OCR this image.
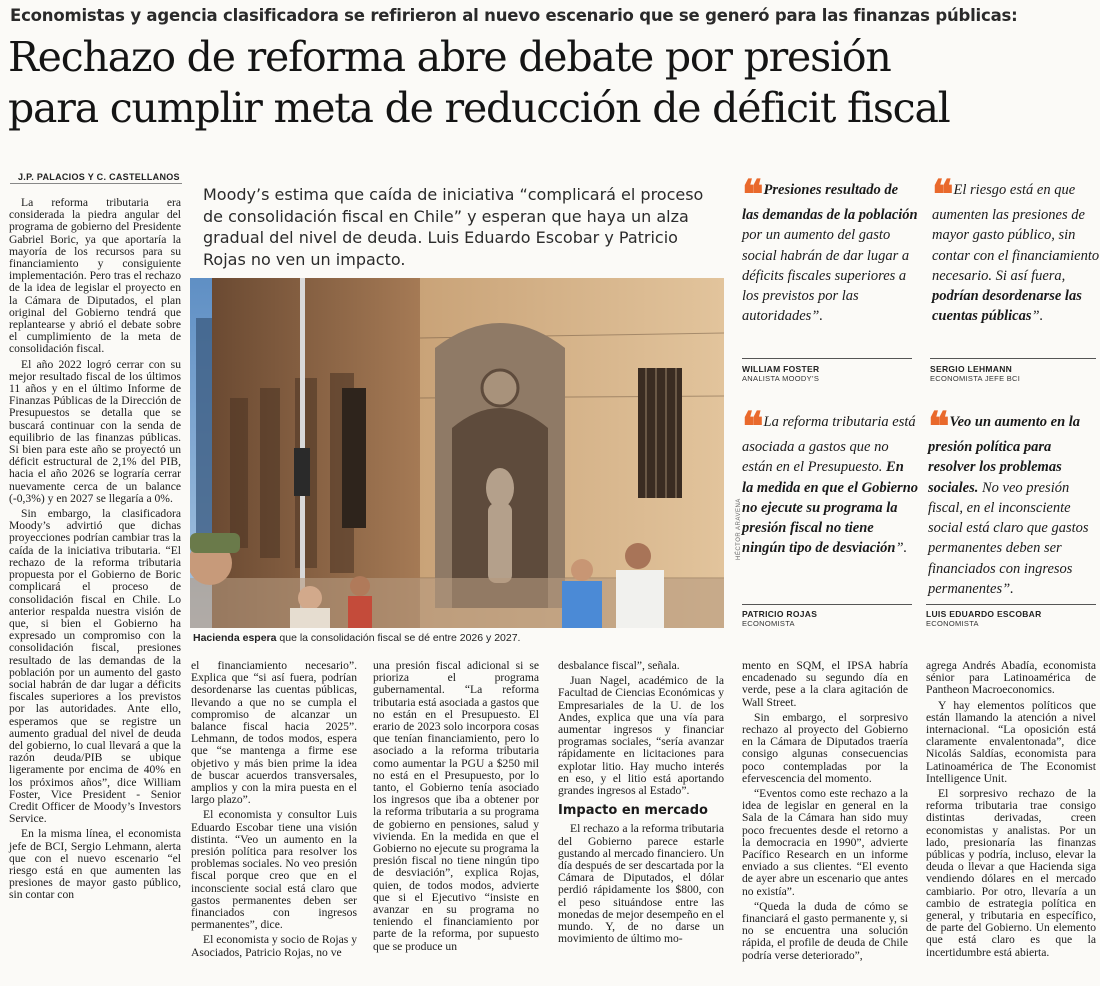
Economistas y agencia clasificadora se refirieron al nuevo escenario que se generó para las finanzas públicas:
Rechazo de reforma abre debate por presión
para cumplir meta de reducción de déficit fiscal
J.P. PALACIOS Y C. CASTELLANOS

La reforma tributaria era considerada la piedra angular del programa de gobierno del Presidente Gabriel Boric, ya que aportaría la mayoría de los recursos para su financiamiento y consiguiente implementación. Pero tras el rechazo de la idea de legislar el proyecto en la Cámara de Diputados, el plan original del Gobierno tendrá que replantearse y abrió el debate sobre el cumplimiento de la meta de consolidación fiscal.

El año 2022 logró cerrar con su mejor resultado fiscal de los últimos 11 años y en el último Informe de Finanzas Públicas de la Dirección de Presupuestos se detalla que se buscará continuar con la senda de equilibrio de las finanzas públicas. Si bien para este año se proyectó un déficit estructural de 2,1% del PIB, hacia el año 2026 se lograría cerrar nuevamente cerca de un balance (-0,3%) y en 2027 se llegaría a 0%.

Sin embargo, la clasificadora Moody’s advirtió que dichas proyecciones podrían cambiar tras la caída de la iniciativa tributaria. “El rechazo de la reforma tributaria propuesta por el Gobierno de Boric complicará el proceso de consolidación fiscal en Chile. Lo anterior respalda nuestra visión de que, si bien el Gobierno ha expresado un compromiso con la consolidación fiscal, presiones resultado de las demandas de la población por un aumento del gasto social habrán de dar lugar a déficits fiscales superiores a los previstos por las autoridades. Ante ello, esperamos que se registre un aumento gradual del nivel de deuda del gobierno, lo cual llevará a que la razón deuda/PIB se ubique ligeramente por encima de 40% en los próximos años”, dice William Foster, Vice President - Senior Credit Officer de Moody’s Investors Service.

En la misma línea, el economista jefe de BCI, Sergio Lehmann, alerta que con el nuevo escenario “el riesgo está en que aumenten las presiones de mayor gasto público, sin contar con

Moody’s estima que caída de iniciativa “complicará el proceso de consolidación fiscal en Chile” y esperan que haya un alza gradual del nivel de deuda. Luis Eduardo Escobar y Patricio Rojas no ven un impacto.
Hacienda espera que la consolidación fiscal se dé entre 2026 y 2027.
HÉCTOR ARAVENA
❝ Presiones resultado de las demandas de la población por un aumento del gasto social habrán de dar lugar a déficits fiscales superiores a los previstos por las autoridades”.
WILLIAM FOSTER
ANALISTA MOODY’S
❝ El riesgo está en que aumenten las presiones de mayor gasto público, sin contar con el financiamiento necesario. Si así fuera, podrían desordenarse las cuentas públicas”.
SERGIO LEHMANN
ECONOMISTA JEFE BCI
❝ La reforma tributaria está asociada a gastos que no están en el Presupuesto. En la medida en que el Gobierno no ejecute su programa la presión fiscal no tiene ningún tipo de desviación”.
PATRICIO ROJAS
ECONOMISTA
❝ Veo un aumento en la presión política para resolver los problemas sociales. No veo presión fiscal, en el inconsciente social está claro que gastos permanentes deben ser financiados con ingresos permanentes”.
LUIS EDUARDO ESCOBAR
ECONOMISTA

el financiamiento necesario”. Explica que “si así fuera, podrían desordenarse las cuentas públicas, llevando a que no se cumpla el compromiso de alcanzar un balance fiscal hacia 2025”. Lehmann, de todos modos, espera que “se mantenga a firme ese objetivo y más bien prime la idea de buscar acuerdos transversales, amplios y con la mira puesta en el largo plazo”.

El economista y consultor Luis Eduardo Escobar tiene una visión distinta. “Veo un aumento en la presión política para resolver los problemas sociales. No veo presión fiscal porque creo que en el inconsciente social está claro que gastos permanentes deben ser financiados con ingresos permanentes”, dice.

El economista y socio de Rojas y Asociados, Patricio Rojas, no ve

una presión fiscal adicional si se prioriza el programa gubernamental. “La reforma tributaria está asociada a gastos que no están en el Presupuesto. El erario de 2023 solo incorpora cosas que tenían financiamiento, pero lo asociado a la reforma tributaria como aumentar la PGU a $250 mil no está en el Presupuesto, por lo tanto, el Gobierno tenía asociado los ingresos que iba a obtener por la reforma tributaria a su programa de gobierno en pensiones, salud y vivienda. En la medida en que el Gobierno no ejecute su programa la presión fiscal no tiene ningún tipo de desviación”, explica Rojas, quien, de todos modos, advierte que si el Ejecutivo “insiste en avanzar en su programa no teniendo el financiamiento por parte de la reforma, por supuesto que se produce un

desbalance fiscal”, señala.

Juan Nagel, académico de la Facultad de Ciencias Económicas y Empresariales de la U. de los Andes, explica que una vía para aumentar ingresos y financiar programas sociales, “sería avanzar rápidamente en licitaciones para explotar litio. Hay mucho interés en eso, y el litio está aportando grandes ingresos al Estado”.

Impacto en mercado

El rechazo a la reforma tributaria del Gobierno parece estarle gustando al mercado financiero. Un día después de ser descartada por la Cámara de Diputados, el dólar perdió rápidamente los $800, con el peso situándose entre las monedas de mejor desempeño en el mundo. Y, de no darse un movimiento de último mo-

mento en SQM, el IPSA habría encadenado su segundo día en verde, pese a la clara agitación de Wall Street.

Sin embargo, el sorpresivo rechazo al proyecto del Gobierno en la Cámara de Diputados traería consigo algunas consecuencias poco contempladas por la efervescencia del momento.

“Eventos como este rechazo a la idea de legislar en general en la Sala de la Cámara han sido muy poco frecuentes desde el retorno a la democracia en 1990”, advierte Pacífico Research en un informe enviado a sus clientes. “El evento de ayer abre un escenario que antes no existía”.

“Queda la duda de cómo se financiará el gasto permanente y, si no se encuentra una solución rápida, el profile de deuda de Chile podría verse deteriorado”,

agrega Andrés Abadía, economista sénior para Latinoamérica de Pantheon Macroeconomics.

Y hay elementos políticos que están llamando la atención a nivel internacional. “La oposición está claramente envalentonada”, dice Nicolás Saldías, economista para Latinoamérica de The Economist Intelligence Unit.

El sorpresivo rechazo de la reforma tributaria trae consigo distintas derivadas, creen economistas y analistas. Por un lado, presionaría las finanzas públicas y podría, incluso, elevar la deuda o llevar a que Hacienda siga vendiendo dólares en el mercado cambiario. Por otro, llevaría a un cambio de estrategia política en general, y tributaria en específico, de parte del Gobierno. Un elemento que está claro es que la incertidumbre está abierta.
